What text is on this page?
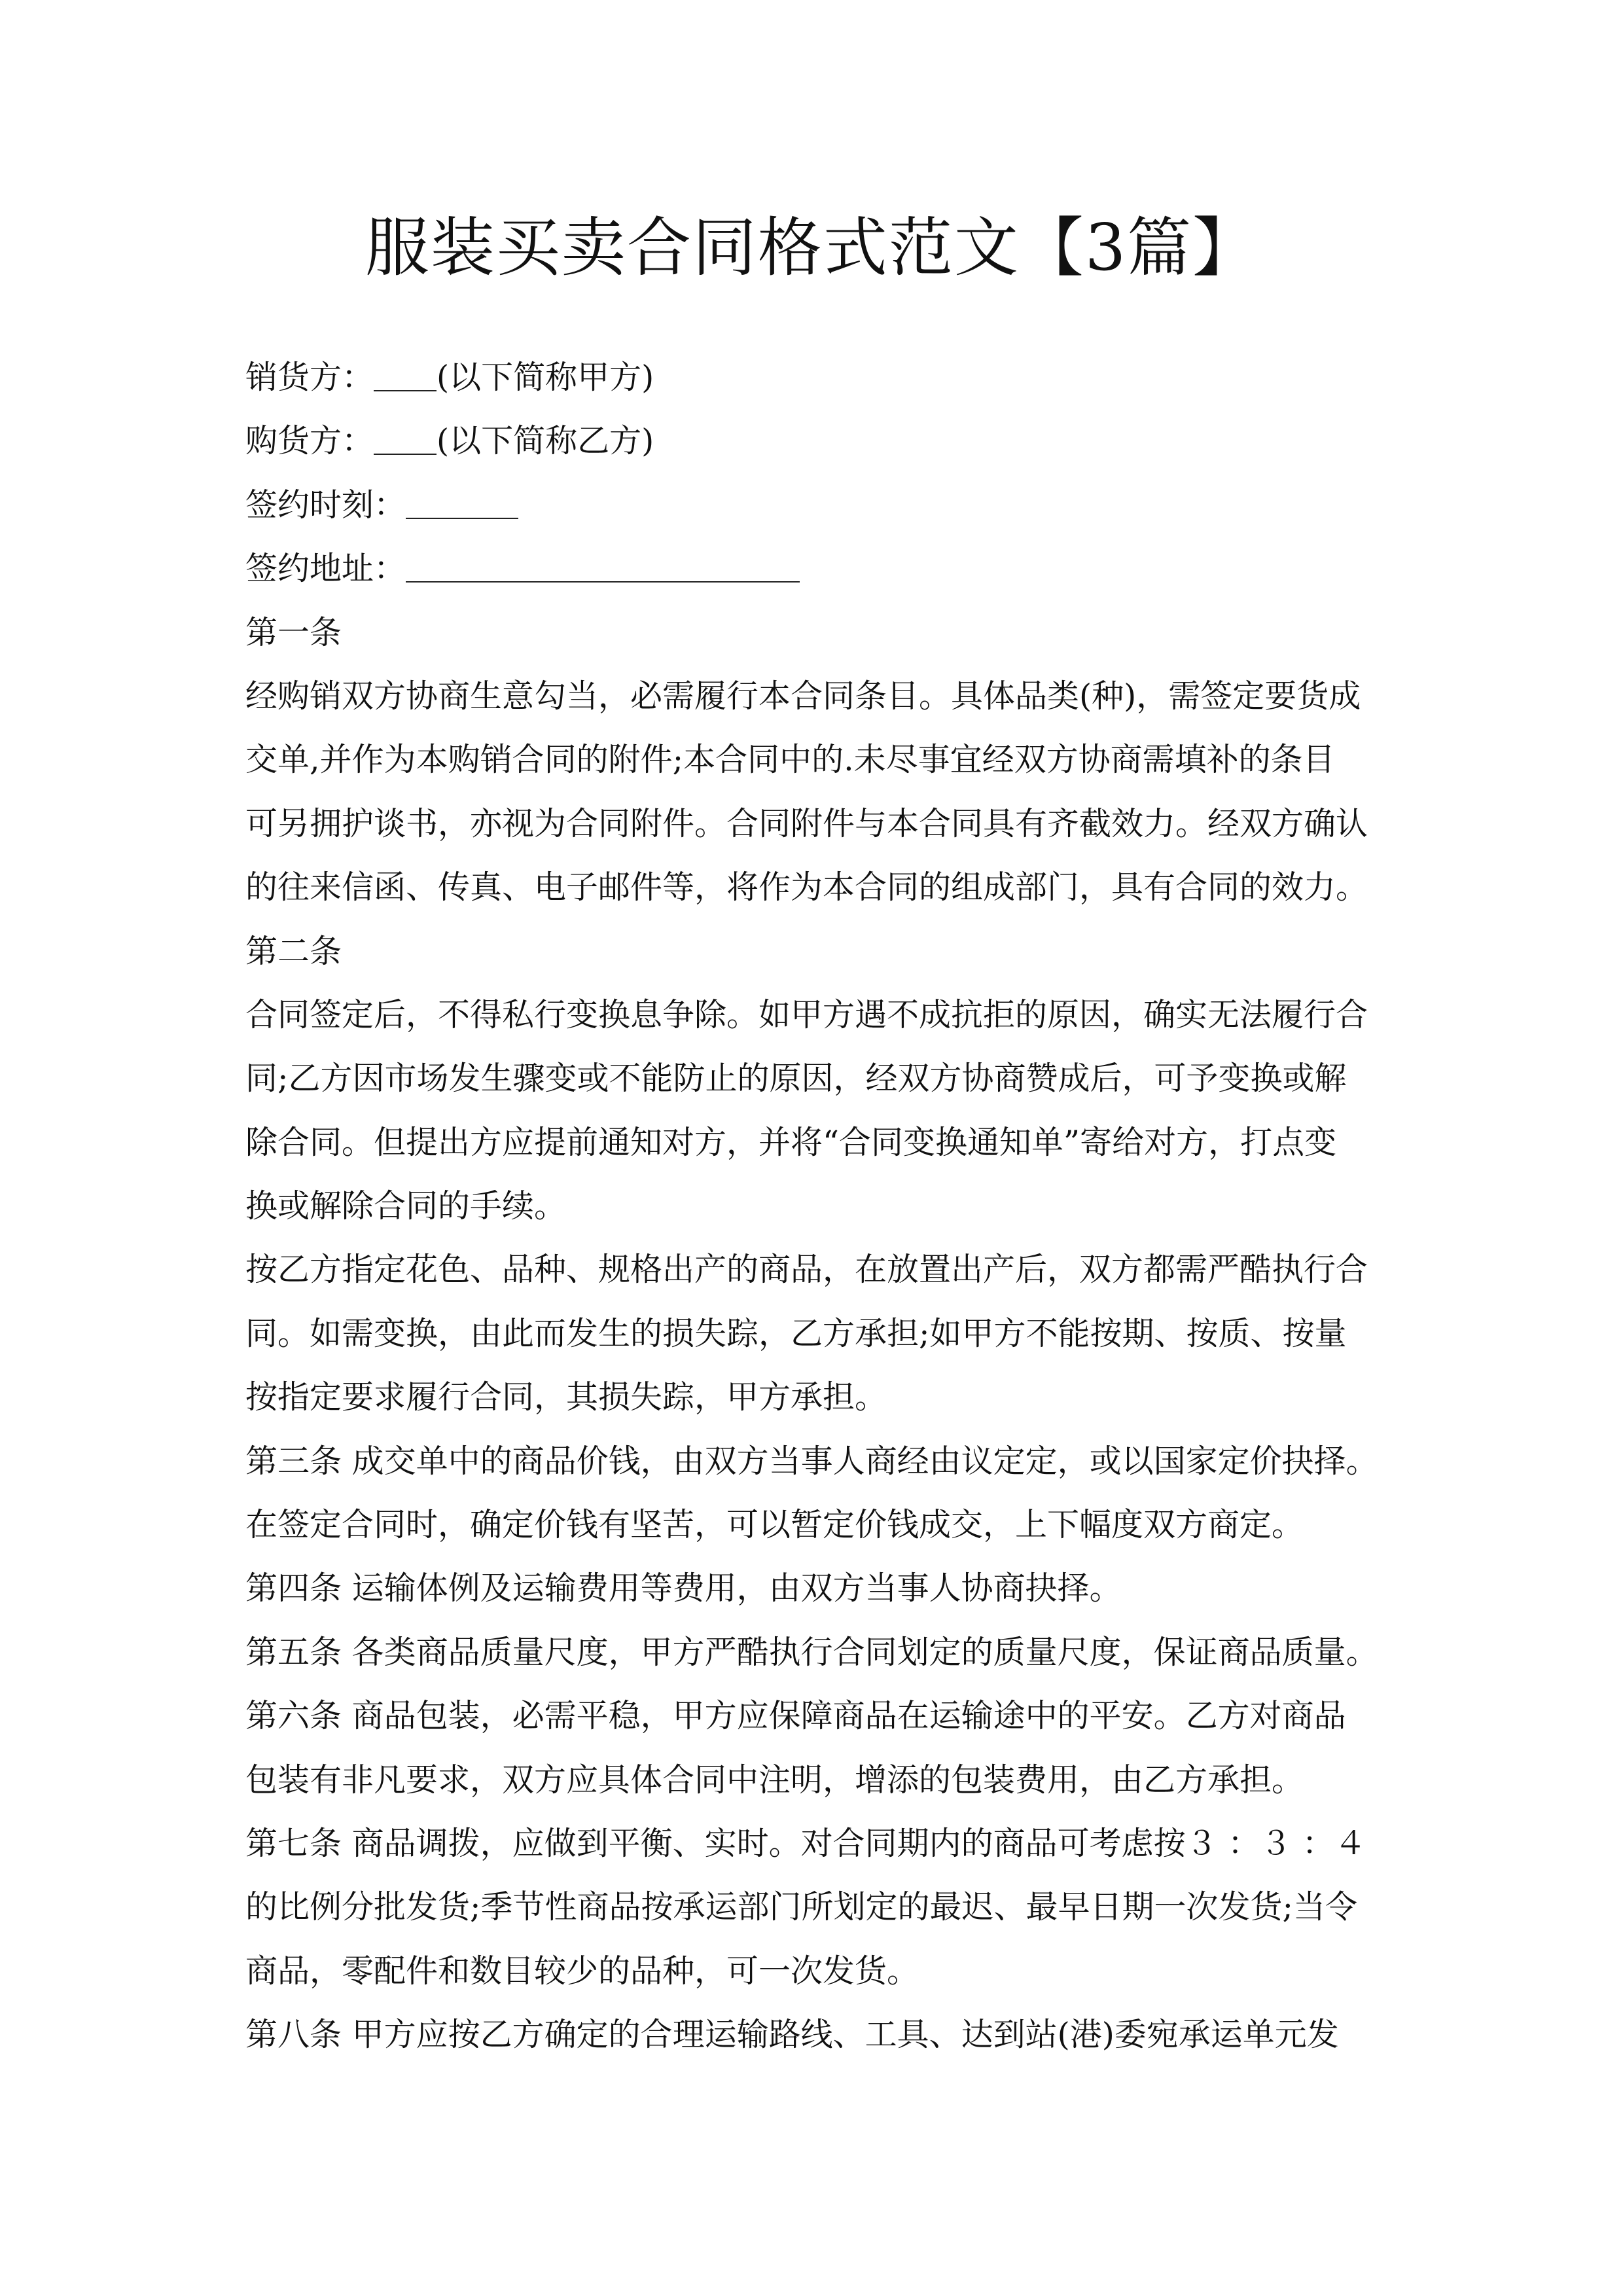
服装买卖合同格式范文【3篇】
销货方： (以下简称甲方)
购货方： (以下简称乙方)
签约时刻：
签约地址：
第一条
经购销双方协商生意勾当，必需履行本合同条目。具体品类(种)，需签定要货成
交单,并作为本购销合同的附件;本合同中的.未尽事宜经双方协商需填补的条目
可另拥护谈书，亦视为合同附件。合同附件与本合同具有齐截效力。经双方确认
的往来信函、传真、电子邮件等，将作为本合同的组成部门，具有合同的效力。
第二条
合同签定后，不得私行变换息争除。如甲方遇不成抗拒的原因，确实无法履行合
同;乙方因市场发生骤变或不能防止的原因，经双方协商赞成后，可予变换或解
除合同。但提出方应提前通知对方，并将“合同变换通知单”寄给对方，打点变
换或解除合同的手续。
按乙方指定花色、品种、规格出产的商品，在放置出产后，双方都需严酷执行合
同。如需变换，由此而发生的损失踪，乙方承担;如甲方不能按期、按质、按量
按指定要求履行合同，其损失踪，甲方承担。
第三条 成交单中的商品价钱，由双方当事人商经由议定定，或以国家定价抉择。
在签定合同时，确定价钱有坚苦，可以暂定价钱成交，上下幅度双方商定。
第四条 运输体例及运输费用等费用，由双方当事人协商抉择。
第五条 各类商品质量尺度，甲方严酷执行合同划定的质量尺度，保证商品质量。
第六条 商品包装，必需平稳，甲方应保障商品在运输途中的平安。乙方对商品
包装有非凡要求，双方应具体合同中注明，增添的包装费用，由乙方承担。
第七条 商品调拨，应做到平衡、实时。对合同期内的商品可考虑按３ ：３ ：４
的比例分批发货;季节性商品按承运部门所划定的最迟、最早日期一次发货;当令
商品，零配件和数目较少的品种，可一次发货。
第八条 甲方应按乙方确定的合理运输路线、工具、达到站(港)委宛承运单元发
